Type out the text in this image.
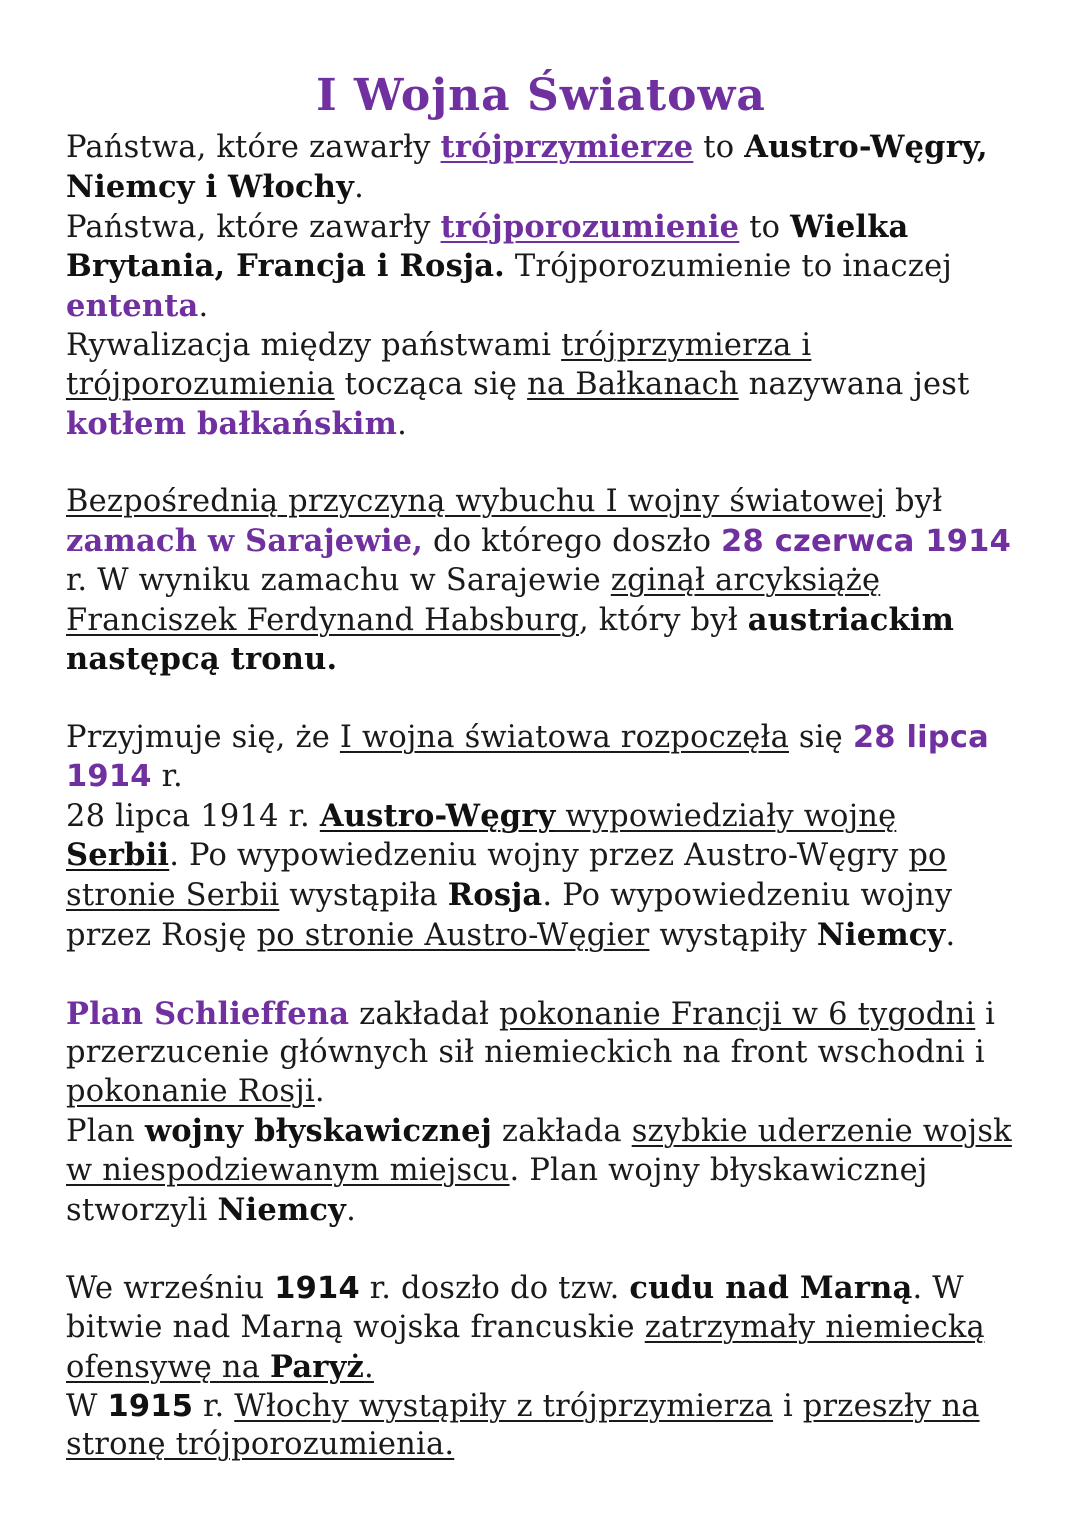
I Wojna Światowa

Państwa, które zawarły trójprzymierze to Austro-Węgry, Niemcy i Włochy.

Państwa, które zawarły trójporozumienie to Wielka Brytania, Francja i Rosja. Trójporozumienie to inaczej ententa.

Rywalizacja między państwami trójprzymierza i trójporozumienia tocząca się na Bałkanach nazywana jest kotłem bałkańskim.

Bezpośrednią przyczyną wybuchu I wojny światowej był zamach w Sarajewie, do którego doszło 28 czerwca 1914 r. W wyniku zamachu w Sarajewie zginął arcyksiążę Franciszek Ferdynand Habsburg, który był austriackim następcą tronu.

Przyjmuje się, że I wojna światowa rozpoczęła się 28 lipca 1914 r.

28 lipca 1914 r. Austro-Węgry wypowiedziały wojnę Serbii. Po wypowiedzeniu wojny przez Austro-Węgry po stronie Serbii wystąpiła Rosja. Po wypowiedzeniu wojny przez Rosję po stronie Austro-Węgier wystąpiły Niemcy.

Plan Schlieffena zakładał pokonanie Francji w 6 tygodni i przerzucenie głównych sił niemieckich na front wschodni i pokonanie Rosji.

Plan wojny błyskawicznej zakłada szybkie uderzenie wojsk w niespodziewanym miejscu. Plan wojny błyskawicznej stworzyli Niemcy.

We wrześniu 1914 r. doszło do tzw. cudu nad Marną. W bitwie nad Marną wojska francuskie zatrzymały niemiecką ofensywę na Paryż.

W 1915 r. Włochy wystąpiły z trójprzymierza i przeszły na stronę trójporozumienia.
